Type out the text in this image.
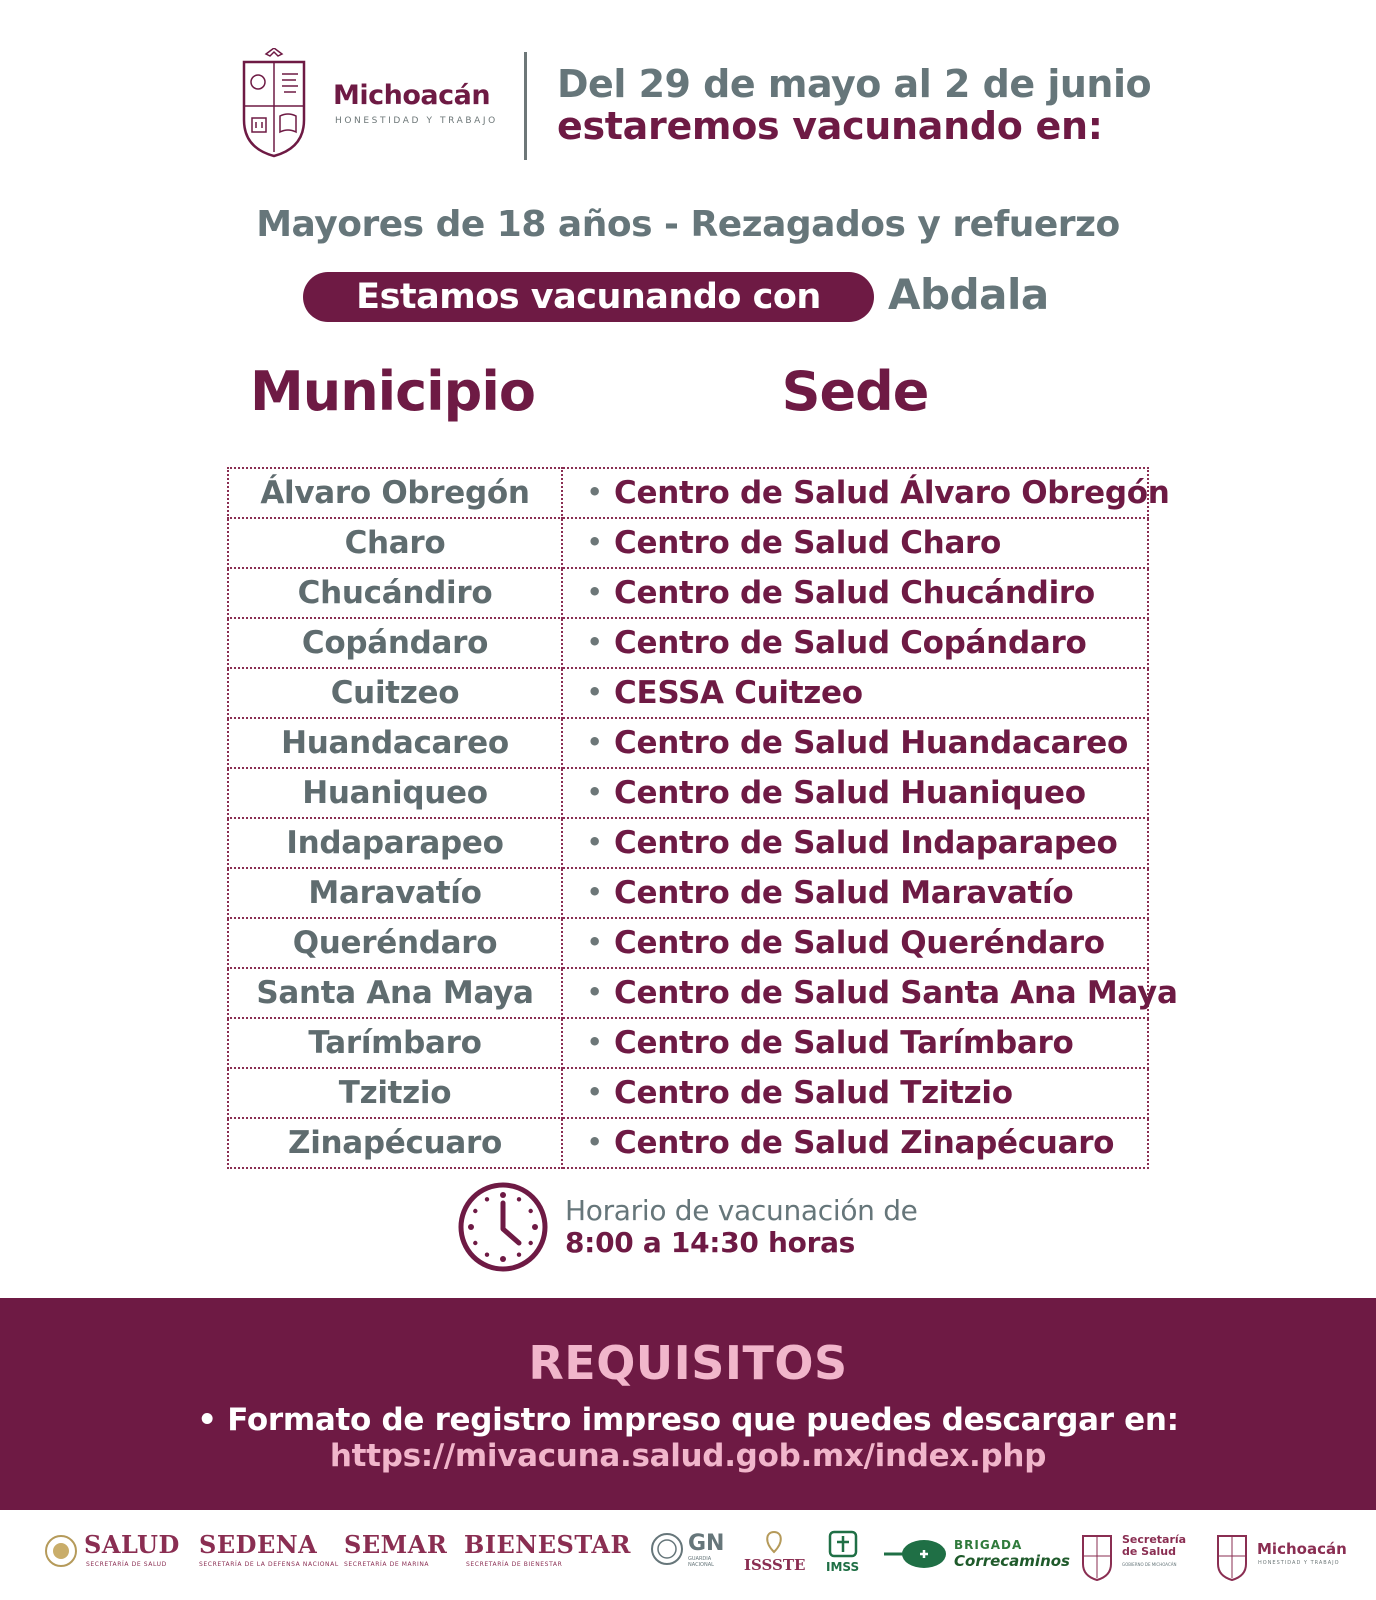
Michoacán
HONESTIDAD Y TRABAJO
Del 29 de mayo al 2 de junio
estaremos vacunando en:
Mayores de 18 años - Rezagados y refuerzo
Estamos vacunando con	Abdala
Municipio	Sede
Álvaro Obregón	• Centro de Salud Álvaro Obregón
Charo	• Centro de Salud Charo
Chucándiro	• Centro de Salud Chucándiro
Copándaro	• Centro de Salud Copándaro
Cuitzeo	• CESSA Cuitzeo
Huandacareo	• Centro de Salud Huandacareo
Huaniqueo	• Centro de Salud Huaniqueo
Indaparapeo	• Centro de Salud Indaparapeo
Maravatío	• Centro de Salud Maravatío
Queréndaro	• Centro de Salud Queréndaro
Santa Ana Maya	• Centro de Salud Santa Ana Maya
Tarímbaro	• Centro de Salud Tarímbaro
Tzitzio	• Centro de Salud Tzitzio
Zinapécuaro	• Centro de Salud Zinapécuaro
Horario de vacunación de
8:00 a 14:30 horas
REQUISITOS
• Formato de registro impreso que puedes descargar en:
https://mivacuna.salud.gob.mx/index.php
SALUD
SECRETARÍA DE SALUD
SEDENA
SECRETARÍA DE LA DEFENSA NACIONAL
SEMAR
SECRETARÍA DE MARINA
BIENESTAR
SECRETARÍA DE BIENESTAR
GN
GUARDIA NACIONAL ISSSTE IMSS
BRIGADA
Correcaminos
Secretaría
de Salud
GOBIERNO DE MICHOACÁN
Michoacán
HONESTIDAD Y TRABAJO
